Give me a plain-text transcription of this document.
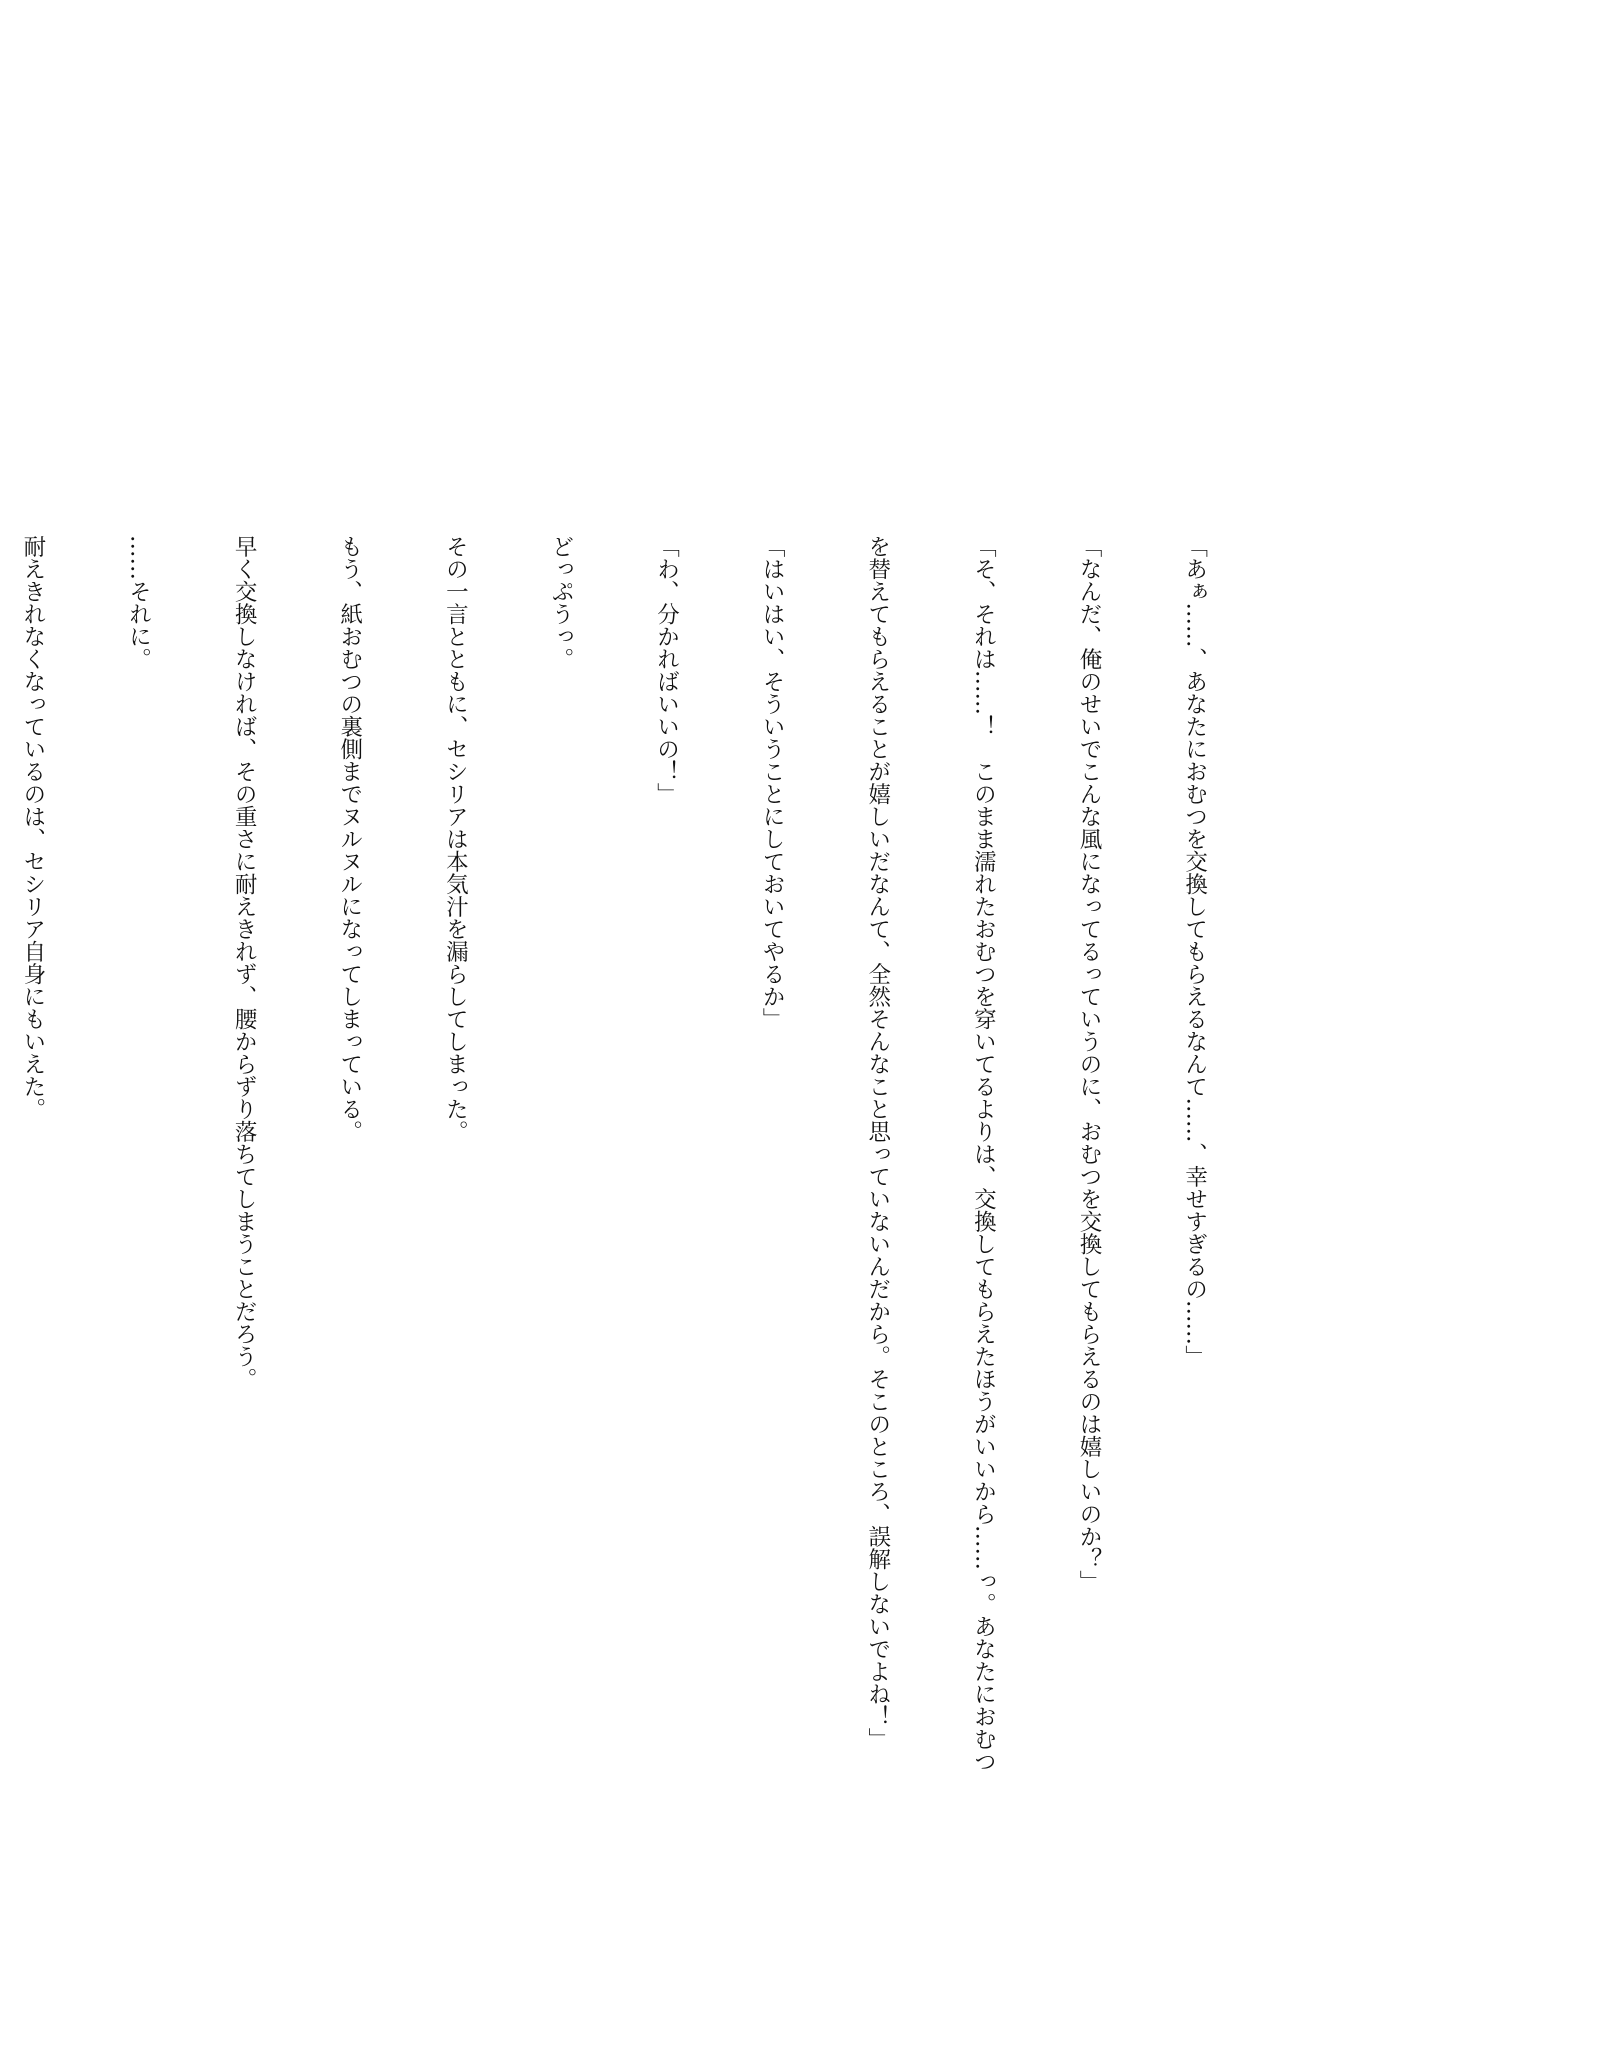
「あぁ……、あなたにおむつを交換してもらえるなんて……、幸せすぎるの……」

「なんだ、俺のせいでこんな風になってるっていうのに、おむつを交換してもらえるのは嬉しいのか？」

「そ、それは……！　このまま濡れたおむつを穿いてるよりは、交換してもらえたほうがいいから……っ。あなたにおむつ

を替えてもらえることが嬉しいだなんて、全然そんなこと思っていないんだから。そこのところ、誤解しないでよね！」

「はいはい、そういうことにしておいてやるか」

「わ、分かればいいの！」

どっぷうっ。

その一言とともに、セシリアは本気汁を漏らしてしまった。

もう、紙おむつの裏側までヌルヌルになってしまっている。

早く交換しなければ、その重さに耐えきれず、腰からずり落ちてしまうことだろう。

……それに。

耐えきれなくなっているのは、セシリア自身にもいえた。
